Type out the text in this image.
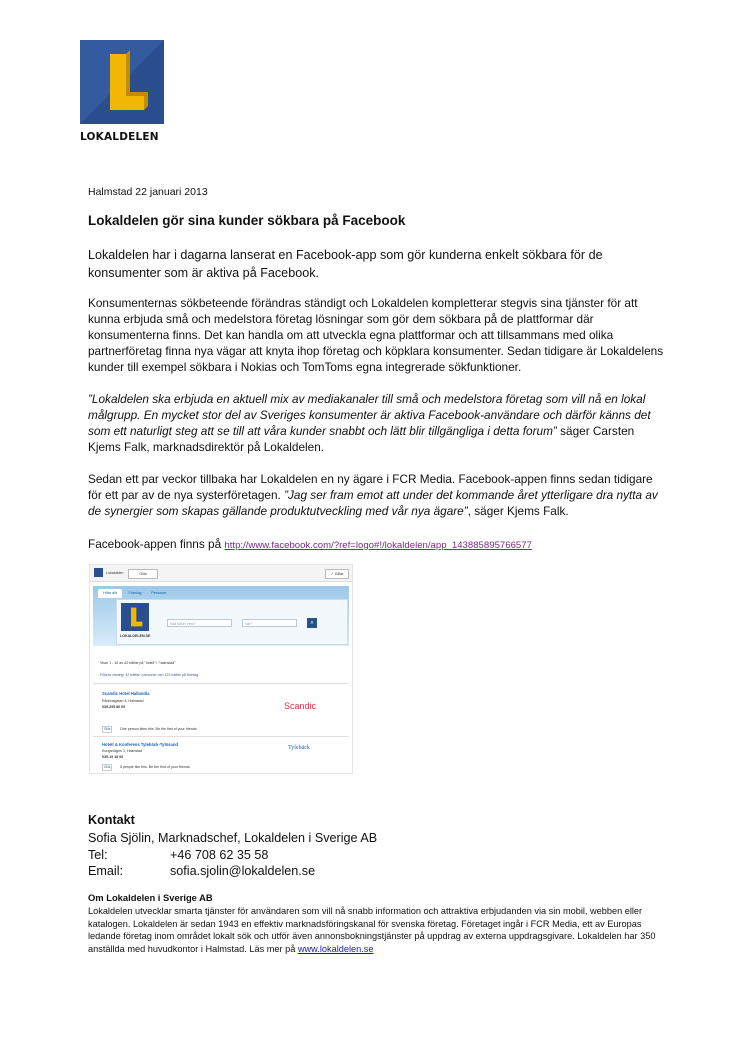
LOKALDELEN
Halmstad 22 januari 2013
Lokaldelen gör sina kunder sökbara på Facebook

Lokaldelen har i dagarna lanserat en Facebook-app som gör kunderna enkelt sökbara för de konsumenter som är aktiva på Facebook.

Konsumenternas sökbeteende förändras ständigt och Lokaldelen kompletterar stegvis sina tjänster för att kunna erbjuda små och medelstora företag lösningar som gör dem sökbara på de plattformar där konsumenterna finns. Det kan handla om att utveckla egna plattformar och att tillsammans med olika partnerföretag finna nya vägar att knyta ihop företag och köpklara konsumenter. Sedan tidigare är Lokaldelens kunder till exempel sökbara i Nokias och TomToms egna integrerade sökfunktioner.

”Lokaldelen ska erbjuda en aktuell mix av mediakanaler till små och medelstora företag som vill nå en lokal målgrupp. En mycket stor del av Sveriges konsumenter är aktiva Facebook-användare och därför känns det som ett naturligt steg att se till att våra kunder snabbt och lätt blir tillgängliga i detta forum” säger Carsten Kjems Falk, marknadsdirektör på Lokaldelen.

Sedan ett par veckor tillbaka har Lokaldelen en ny ägare i FCR Media. Facebook-appen finns sedan tidigare för ett par av de nya systerföretagen. ”Jag ser fram emot att under det kommande året ytterligare dra nytta av de synergier som skapas gällande produktutveckling med vår nya ägare”, säger Kjems Falk.

Facebook-appen finns på http://www.facebook.com/?ref=logo#!/lokaldelen/app_143885895766577

Lokaldelen	Gilla	✓ Gillar
Hitta allt	Företag	Personer
LOKALDELEN.SE
Vad söker vem?	Var?	⌕
Visar 1 - 10 av 42 träffar på "hotell" i "halmstad"
Filtrera visning: 42 träffar i personer och 123 träffar på företag
Scandic Hotel Hallandia
Rådhusgatan 4, Halmstad
035-295 86 00	Scandic
Gilla	One person likes this. Be the first of your friends.
Hotell & Konferens Tylebäck-Tylösand
Kungsvägen 1, Halmstad
035-19 18 00
Tylebäck
Gilla	5 people like this. Be the first of your friends.
Kontakt
Sofia Sjölin, Marknadschef, Lokaldelen i Sverige AB
Tel:	+46 708 62 35 58
Email:	sofia.sjolin@lokaldelen.se
Om Lokaldelen i Sverige AB

Lokaldelen utvecklar smarta tjänster för användaren som vill nå snabb information och attraktiva erbjudanden via sin mobil, webben eller katalogen. Lokaldelen är sedan 1943 en effektiv marknadsföringskanal för svenska företag. Företaget ingår i FCR Media, ett av Europas ledande företag inom området lokalt sök och utför även annonsbokningstjänster på uppdrag av externa uppdragsgivare. Lokaldelen har 350 anställda med huvudkontor i Halmstad. Läs mer på www.lokaldelen.se
